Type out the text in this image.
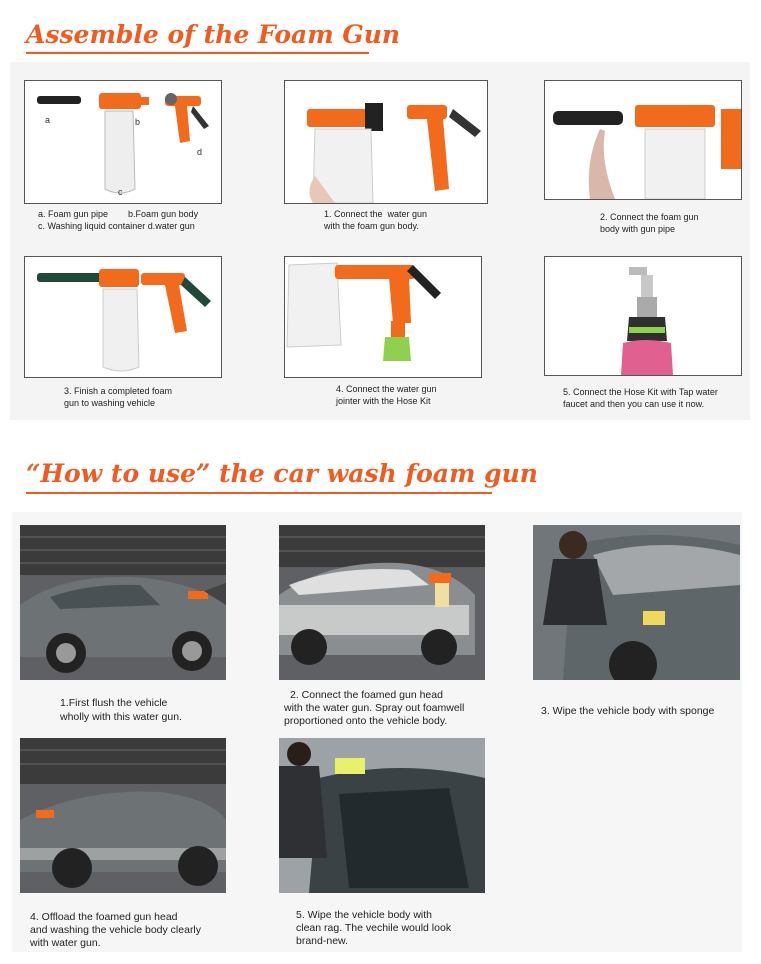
Assemble of the Foam Gun
a	b
c
d
a. Foam gun pipe        b.Foam gun body
c. Washing liquid container d.water gun
1. Connect the  water gun
with the foam gun body.
2. Connect the foam gun
body with gun pipe
3. Finish a completed foam
gun to washing vehicle
4. Connect the water gun
jointer with the Hose Kit
5. Connect the Hose Kit with Tap water
faucet and then you can use it now.
“How to use” the car wash foam gun
1.First flush the vehicle
wholly with this water gun.
2. Connect the foamed gun head
with the water gun. Spray out foamwell
proportioned onto the vehicle body.
3. Wipe the vehicle body with sponge
4. Offload the foamed gun head
and washing the vehicle body clearly
with water gun.
5. Wipe the vehicle body with
clean rag. The vechile would look
brand-new.
